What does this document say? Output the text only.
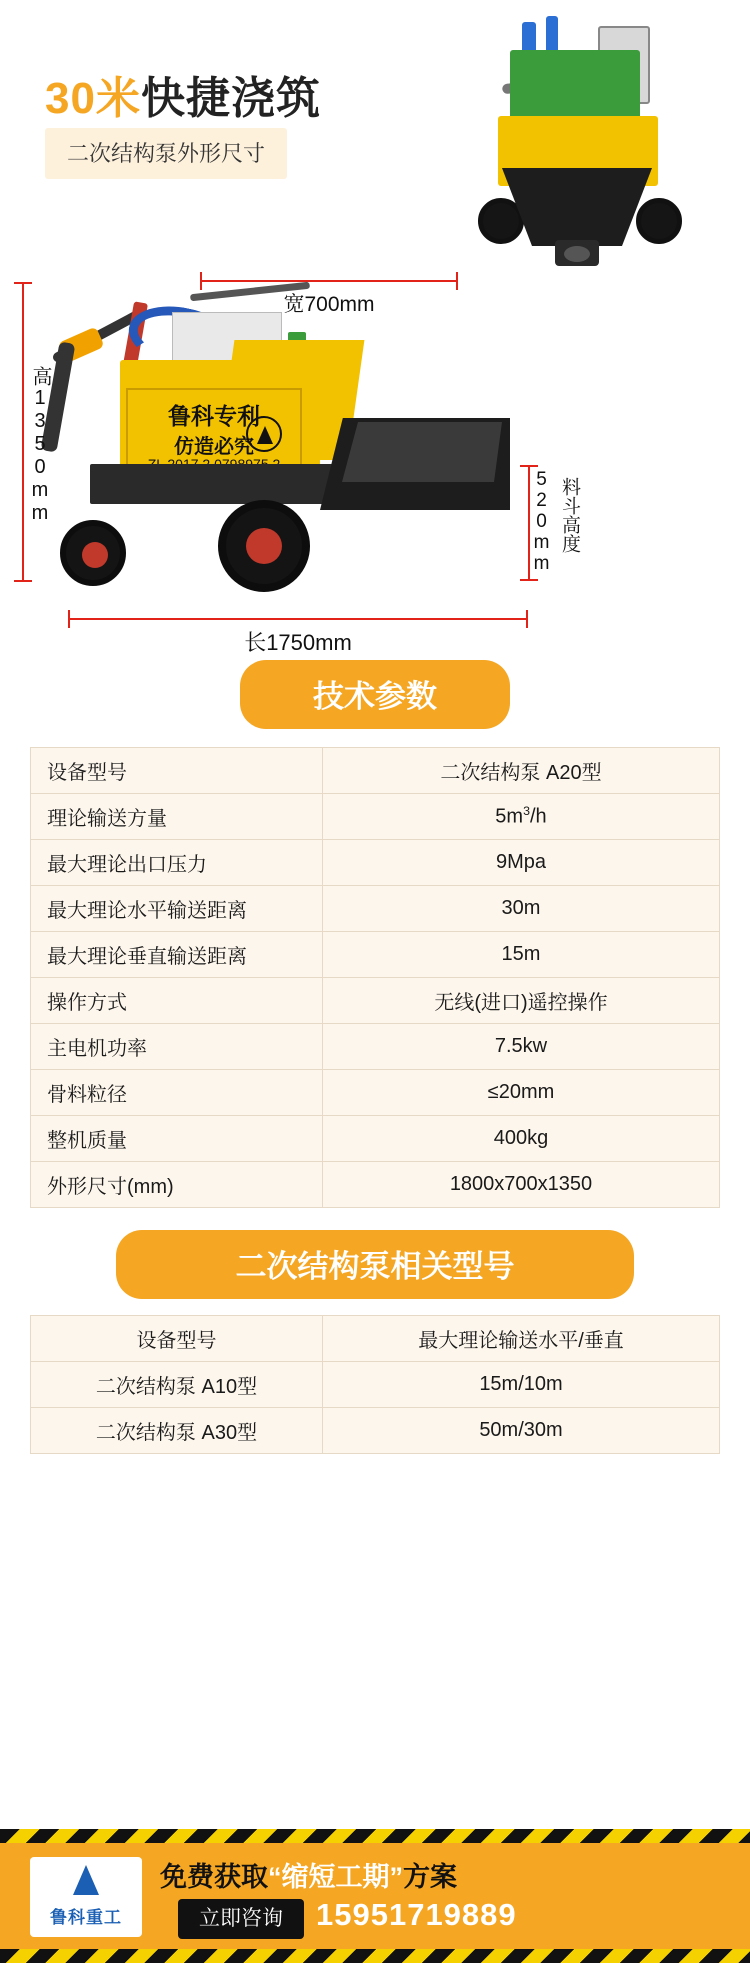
30米快捷浇筑
二次结构泵外形尺寸
宽700mm
鲁科专利
仿造必究
高1350mm	520mm 料斗高度
长1750mm
技术参数
设备型号	二次结构泵 A20型
理论输送方量	$5m^3/h$
最大理论出口压力	9Mpa
最大理论水平输送距离	30m
最大理论垂直输送距离	15m
操作方式	无线(进口)遥控操作
主电机功率	7.5kw
骨料粒径	≤20mm
整机质量	400kg
外形尺寸(mm)	1800x700x1350
二次结构泵相关型号
设备型号	最大理论输送水平/垂直
二次结构泵 A10型	15m/10m
二次结构泵 A30型	50m/30m
鲁科重工
免费获取“缩短工期”方案
立即咨询	15951719889
